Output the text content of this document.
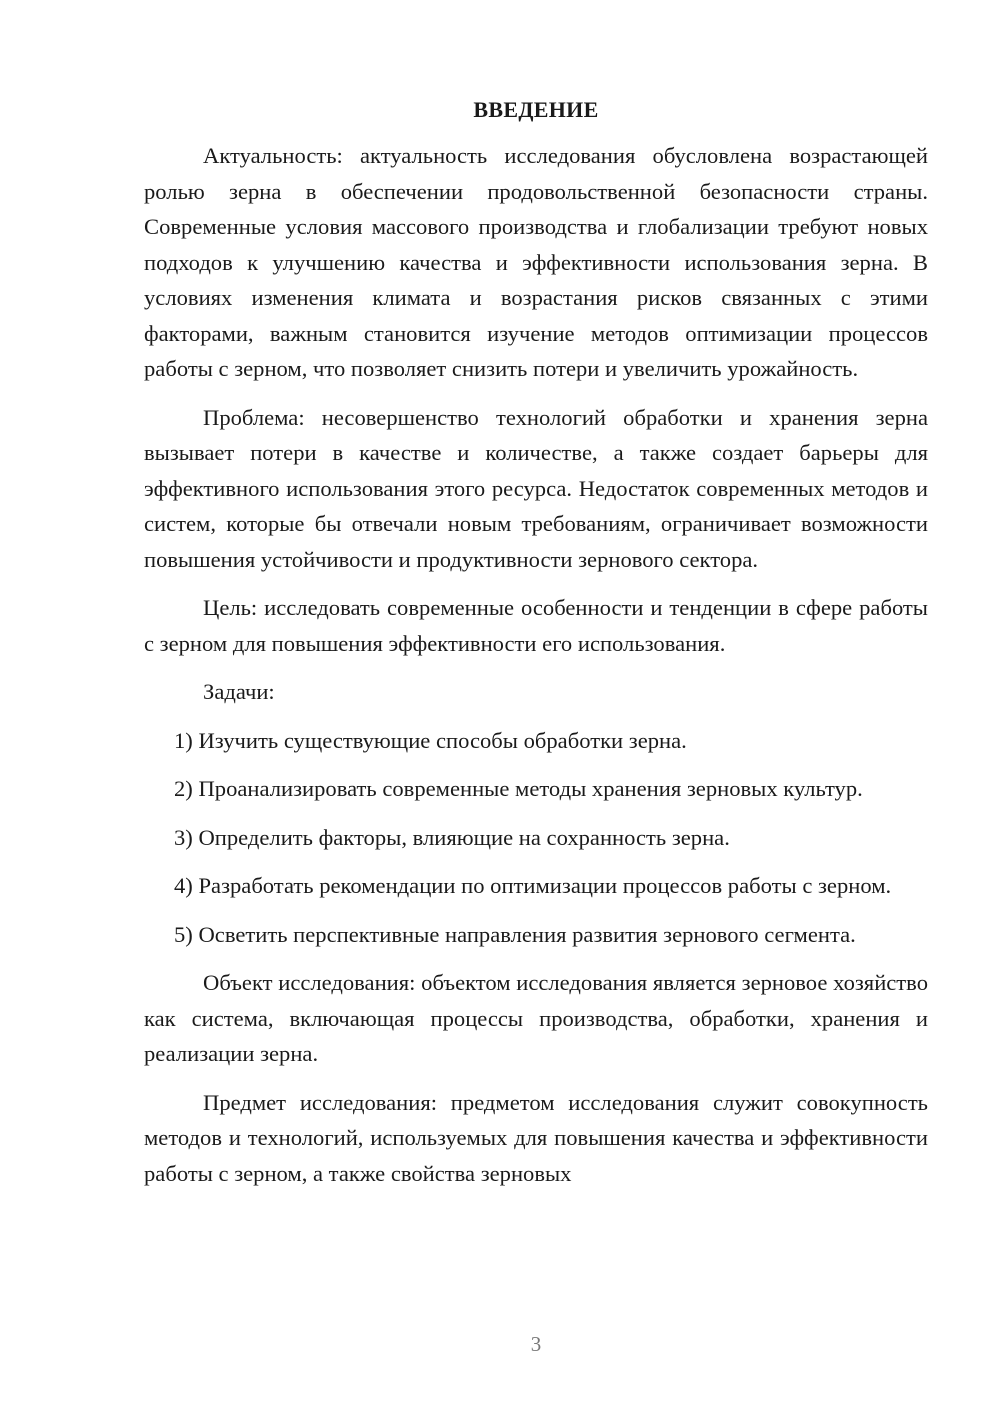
ВВЕДЕНИЕ

Актуальность: актуальность исследования обусловлена возрастающей ролью зерна в обеспечении продовольственной безопасности страны. Современные условия массового производства и глобализации требуют новых подходов к улучшению качества и эффективности использования зерна. В условиях изменения климата и возрастания рисков связанных с этими факторами, важным становится изучение методов оптимизации процессов работы с зерном, что позволяет снизить потери и увеличить урожайность.

Проблема: несовершенство технологий обработки и хранения зерна вызывает потери в качестве и количестве, а также создает барьеры для эффективного использования этого ресурса. Недостаток современных методов и систем, которые бы отвечали новым требованиям, ограничивает возможности повышения устойчивости и продуктивности зернового сектора.

Цель: исследовать современные особенности и тенденции в сфере работы с зерном для повышения эффективности его использования.

Задачи:

1) Изучить существующие способы обработки зерна.

2) Проанализировать современные методы хранения зерновых культур.

3) Определить факторы, влияющие на сохранность зерна.

4) Разработать рекомендации по оптимизации процессов работы с зерном.

5) Осветить перспективные направления развития зернового сегмента.

Объект исследования: объектом исследования является зерновое хозяйство как система, включающая процессы производства, обработки, хранения и реализации зерна.

Предмет исследования: предметом исследования служит совокупность методов и технологий, используемых для повышения качества и эффективности работы с зерном, а также свойства зерновых

3
